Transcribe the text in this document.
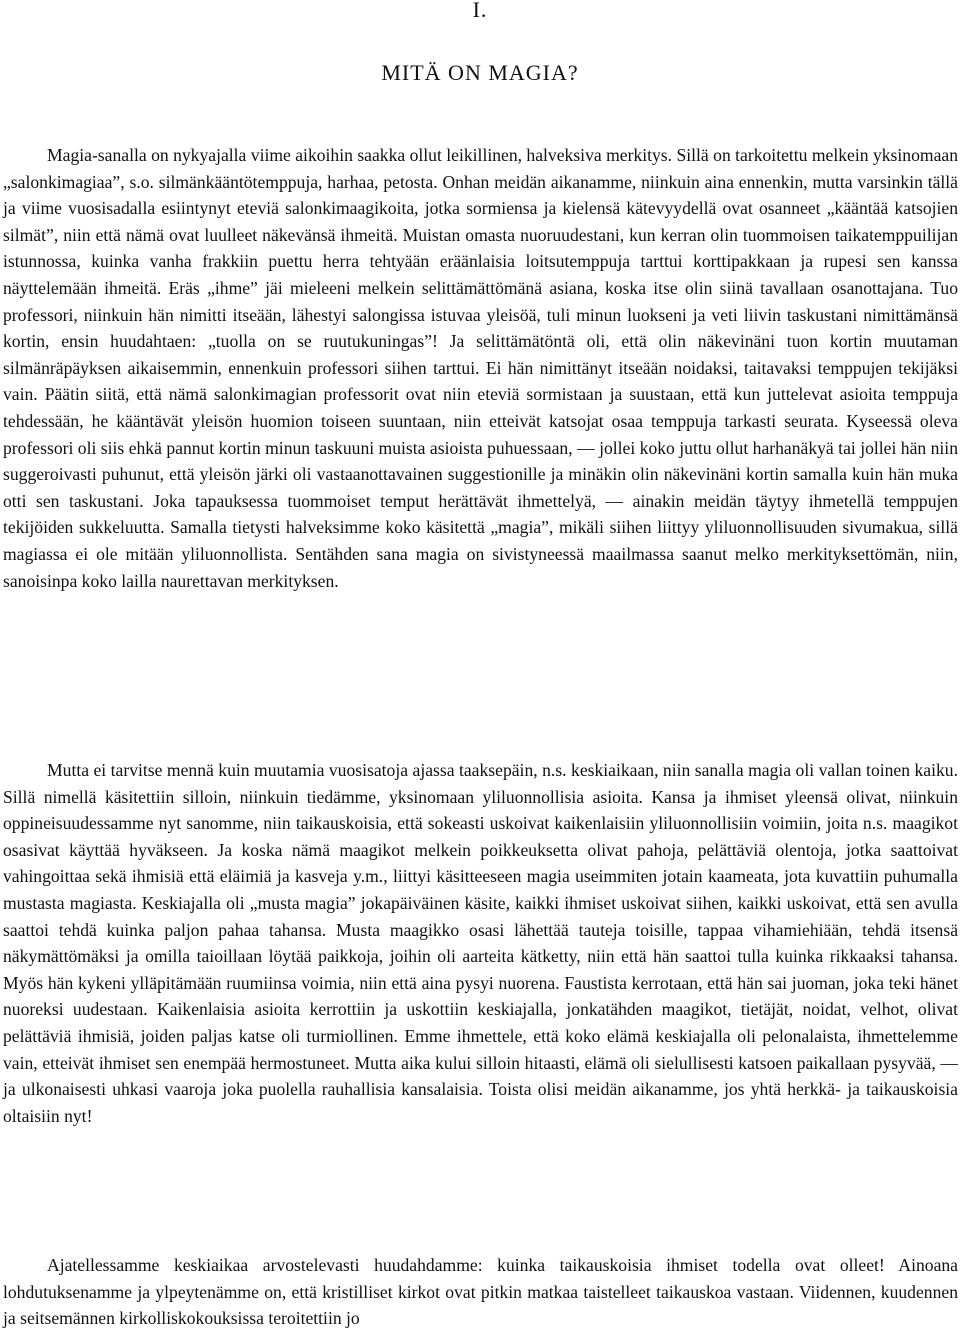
I.
MITÄ ON MAGIA?

Magia-sanalla on nykyajalla viime aikoihin saakka ollut leikillinen, halveksiva merkitys. Sillä on tarkoitettu melkein yksinomaan „salonkimagiaa”, s.o. silmänkääntötemppuja, harhaa, petosta. Onhan meidän aikanamme, niinkuin aina ennenkin, mutta varsinkin tällä ja viime vuosisadalla esiintynyt eteviä salonkimaagikoita, jotka sormiensa ja kielensä kätevyydellä ovat osanneet „kääntää katsojien silmät”, niin että nämä ovat luulleet näkevänsä ihmeitä. Muistan omasta nuoruudestani, kun kerran olin tuommoisen taikatemppuilijan istunnossa, kuinka vanha frakkiin puettu herra tehtyään eräänlaisia loitsutemppuja tarttui korttipakkaan ja rupesi sen kanssa näyttelemään ihmeitä. Eräs „ihme” jäi mieleeni melkein selittämättömänä asiana, koska itse olin siinä tavallaan osanottajana. Tuo professori, niinkuin hän nimitti itseään, lähestyi salongissa istuvaa yleisöä, tuli minun luokseni ja veti liivin taskustani nimittämänsä kortin, ensin huudahtaen: „tuolla on se ruutukuningas”! Ja selittämätöntä oli, että olin näkevinäni tuon kortin muutaman silmänräpäyksen aikaisemmin, ennenkuin professori siihen tarttui. Ei hän nimittänyt itseään noidaksi, taitavaksi temppujen tekijäksi vain. Päätin siitä, että nämä salonkimagian professorit ovat niin eteviä sormistaan ja suustaan, että kun juttelevat asioita temppuja tehdessään, he kääntävät yleisön huomion toiseen suuntaan, niin etteivät katsojat osaa temppuja tarkasti seurata. Kyseessä oleva professori oli siis ehkä pannut kortin minun taskuuni muista asioista puhuessaan, — jollei koko juttu ollut harhanäkyä tai jollei hän niin suggeroivasti puhunut, että yleisön järki oli vastaanottavainen suggestionille ja minäkin olin näkevinäni kortin samalla kuin hän muka otti sen taskustani. Joka tapauksessa tuommoiset temput herättävät ihmettelyä, — ainakin meidän täytyy ihmetellä temppujen tekijöiden sukkeluutta. Samalla tietysti halveksimme koko käsitettä „magia”, mikäli siihen liittyy yliluonnollisuuden sivumakua, sillä magiassa ei ole mitään yliluonnollista. Sentähden sana magia on sivistyneessä maailmassa saanut melko merkityksettömän, niin, sanoisinpa koko lailla naurettavan merkityksen.

Mutta ei tarvitse mennä kuin muutamia vuosisatoja ajassa taaksepäin, n.s. keskiaikaan, niin sanalla magia oli vallan toinen kaiku. Sillä nimellä käsitettiin silloin, niinkuin tiedämme, yksinomaan yliluonnollisia asioita. Kansa ja ihmiset yleensä olivat, niinkuin oppineisuudessamme nyt sanomme, niin taikauskoisia, että sokeasti uskoivat kaikenlaisiin yliluonnollisiin voimiin, joita n.s. maagikot osasivat käyttää hyväkseen. Ja koska nämä maagikot melkein poikkeuksetta olivat pahoja, pelättäviä olentoja, jotka saattoivat vahingoittaa sekä ihmisiä että eläimiä ja kasveja y.m., liittyi käsitteeseen magia useimmiten jotain kaameata, jota kuvattiin puhumalla mustasta magiasta. Keskiajalla oli „musta magia” jokapäiväinen käsite, kaikki ihmiset uskoivat siihen, kaikki uskoivat, että sen avulla saattoi tehdä kuinka paljon pahaa tahansa. Musta maagikko osasi lähettää tauteja toisille, tappaa vihamiehiään, tehdä itsensä näkymättömäksi ja omilla taioillaan löytää paikkoja, joihin oli aarteita kätketty, niin että hän saattoi tulla kuinka rikkaaksi tahansa. Myös hän kykeni ylläpitämään ruumiinsa voimia, niin että aina pysyi nuorena. Faustista kerrotaan, että hän sai juoman, joka teki hänet nuoreksi uudestaan. Kaikenlaisia asioita kerrottiin ja uskottiin keskiajalla, jonkatähden maagikot, tietäjät, noidat, velhot, olivat pelättäviä ihmisiä, joiden paljas katse oli turmiollinen. Emme ihmettele, että koko elämä keskiajalla oli pelonalaista, ihmettelemme vain, etteivät ihmiset sen enempää hermostuneet. Mutta aika kului silloin hitaasti, elämä oli sielullisesti katsoen paikallaan pysyvää, — ja ulkonaisesti uhkasi vaaroja joka puolella rauhallisia kansalaisia. Toista olisi meidän aikanamme, jos yhtä herkkä- ja taikauskoisia oltaisiin nyt!

Ajatellessamme keskiaikaa arvostelevasti huudahdamme: kuinka taikauskoisia ihmiset todella ovat olleet! Ainoana lohdutuksenamme ja ylpeytenämme on, että kristilliset kirkot ovat pitkin matkaa taistelleet taikauskoa vastaan. Viidennen, kuudennen ja seitsemännen kirkolliskokouksissa teroitettiin jo
